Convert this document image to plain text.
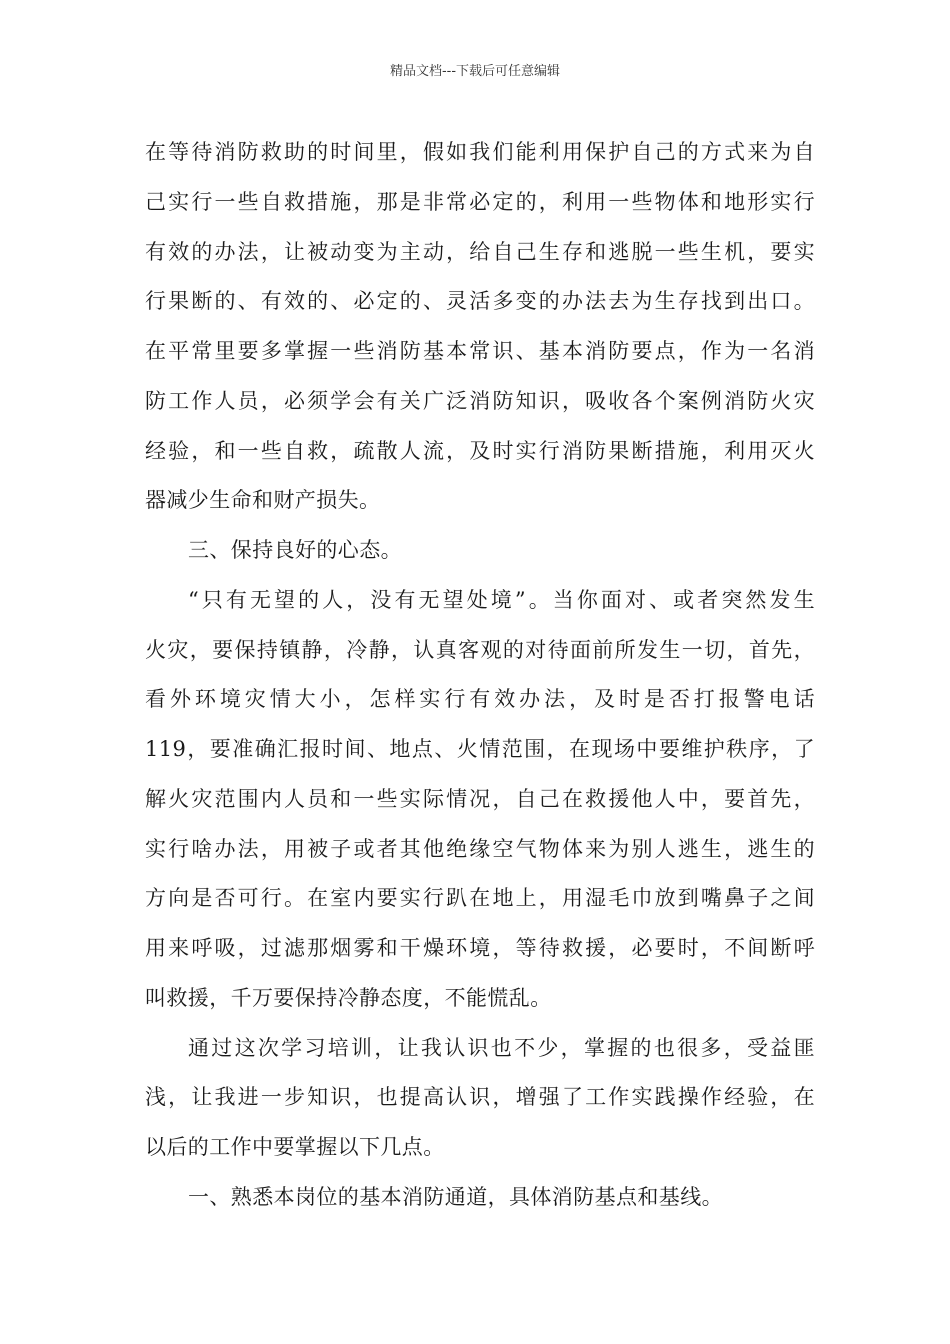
精品文档---下载后可任意编辑
在等待消防救助的时间里，假如我们能利用保护自己的方式来为自
己实行一些自救措施，那是非常必定的，利用一些物体和地形实行
有效的办法，让被动变为主动，给自己生存和逃脱一些生机，要实
行果断的、有效的、必定的、灵活多变的办法去为生存找到出口。
在平常里要多掌握一些消防基本常识、基本消防要点，作为一名消
防工作人员，必须学会有关广泛消防知识，吸收各个案例消防火灾
经验，和一些自救，疏散人流，及时实行消防果断措施，利用灭火
器减少生命和财产损失。
三、保持良好的心态。
“只有无望的人，没有无望处境”。当你面对、或者突然发生
火灾，要保持镇静，冷静，认真客观的对待面前所发生一切，首先，
看外环境灾情大小，怎样实行有效办法，及时是否打报警电话
119，要准确汇报时间、地点、火情范围，在现场中要维护秩序，了
解火灾范围内人员和一些实际情况，自己在救援他人中，要首先，
实行啥办法，用被子或者其他绝缘空气物体来为别人逃生，逃生的
方向是否可行。在室内要实行趴在地上，用湿毛巾放到嘴鼻子之间
用来呼吸，过滤那烟雾和干燥环境，等待救援，必要时，不间断呼
叫救援，千万要保持冷静态度，不能慌乱。
通过这次学习培训，让我认识也不少，掌握的也很多，受益匪
浅，让我进一步知识，也提高认识，增强了工作实践操作经验，在
以后的工作中要掌握以下几点。
一、熟悉本岗位的基本消防通道，具体消防基点和基线。
